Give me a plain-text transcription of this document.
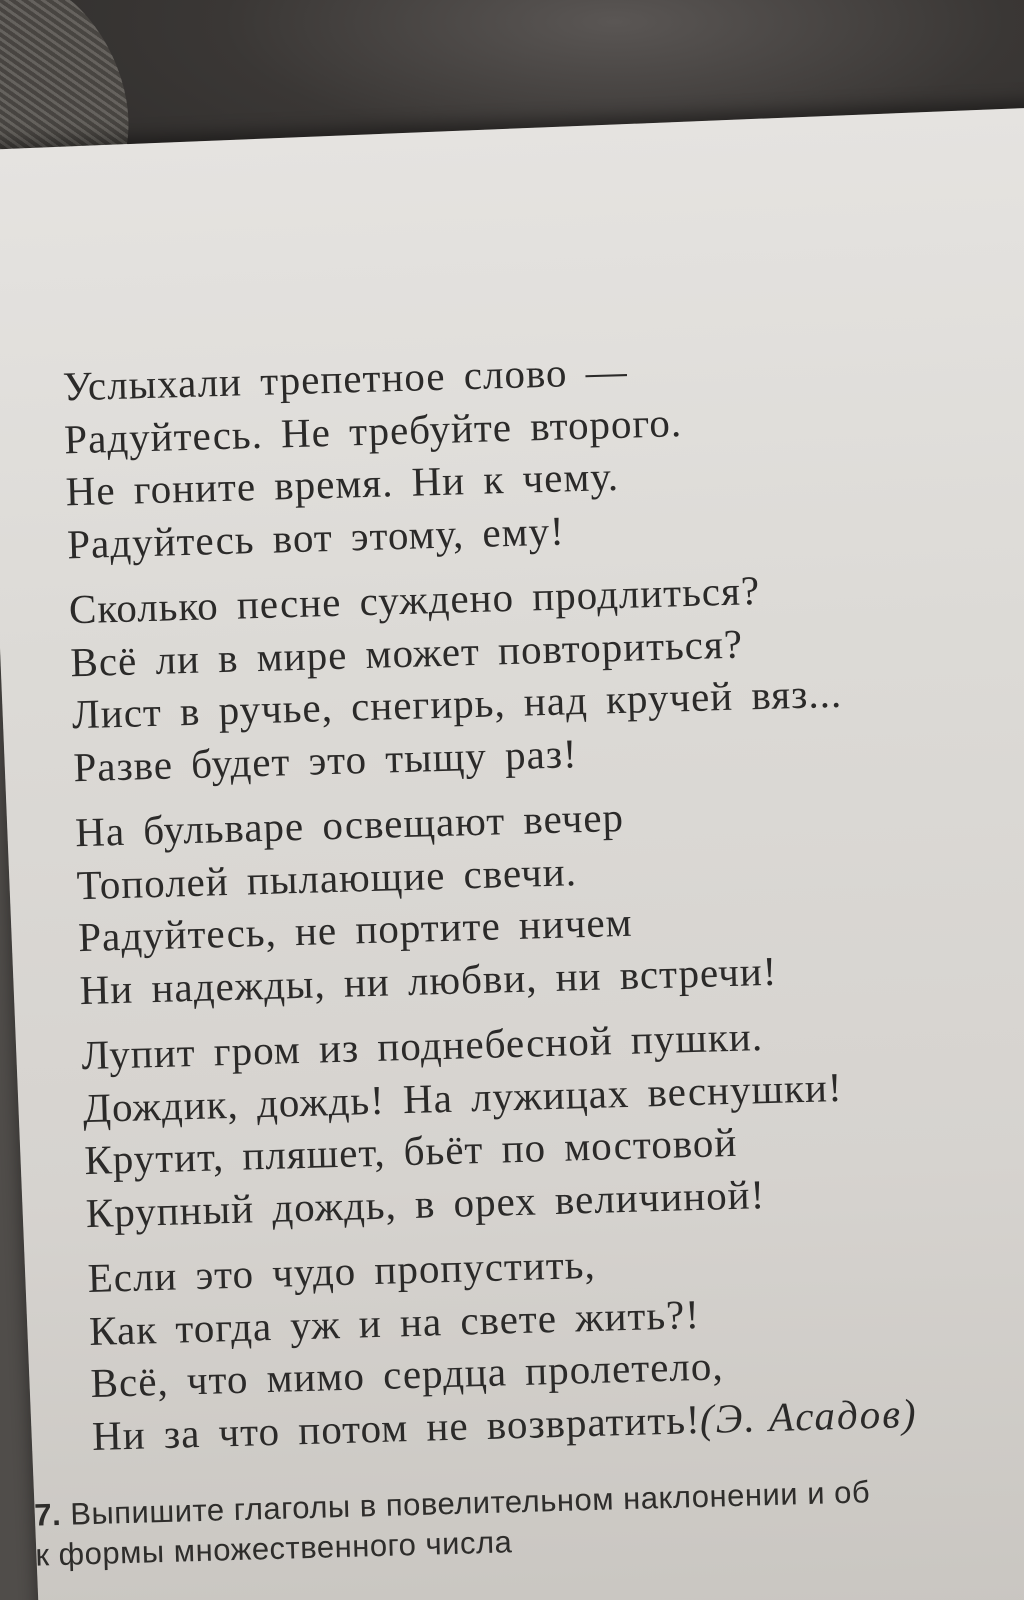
Услыхали трепетное слово —
Радуйтесь. Не требуйте второго.
Не гоните время. Ни к чему.
Радуйтесь вот этому, ему!
Сколько песне суждено продлиться?
Всё ли в мире может повториться?
Лист в ручье, снегирь, над кручей вяз...
Разве будет это тыщу раз!
На бульваре освещают вечер
Тополей пылающие свечи.
Радуйтесь, не портите ничем
Ни надежды, ни любви, ни встречи!
Лупит гром из поднебесной пушки.
Дождик, дождь! На лужицах веснушки!
Крутит, пляшет, бьёт по мостовой
Крупный дождь, в орех величиной!
Если это чудо пропустить,
Как тогда уж и на свете жить?!
Всё, что мимо сердца пролетело,
Ни за что потом не возвратить!
(Э. Асадов)
7. Выпишите глаголы в повелительном наклонении и об
к формы множественного числа
